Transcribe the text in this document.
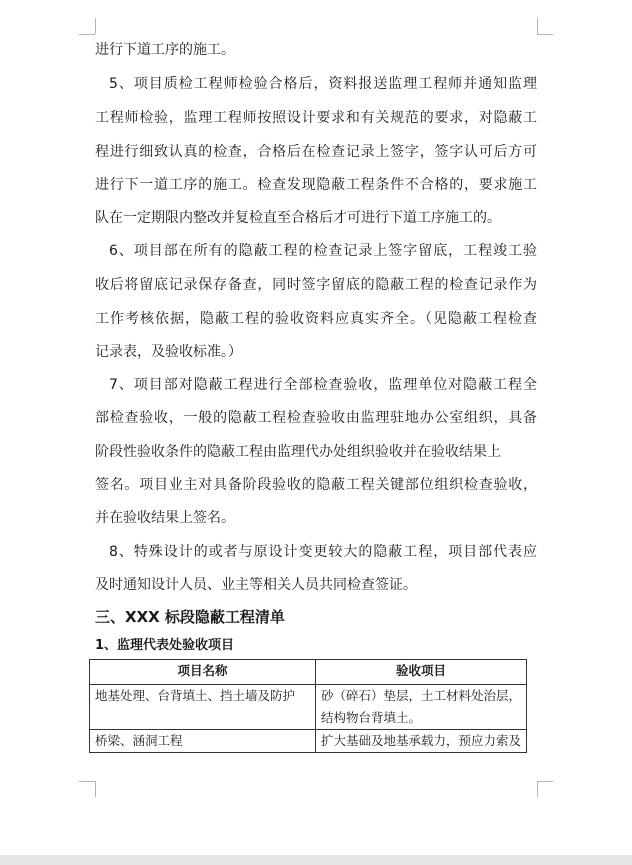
进行下道工序的施工。
5、项目质检工程师检验合格后，资料报送监理工程师并通知监理
工程师检验，监理工程师按照设计要求和有关规范的要求，对隐蔽工
程进行细致认真的检查，合格后在检查记录上签字，签字认可后方可
进行下一道工序的施工。检查发现隐蔽工程条件不合格的，要求施工
队在一定期限内整改并复检直至合格后才可进行下道工序施工的。
6、项目部在所有的隐蔽工程的检查记录上签字留底，工程竣工验
收后将留底记录保存备查，同时签字留底的隐蔽工程的检查记录作为
工作考核依据，隐蔽工程的验收资料应真实齐全。（见隐蔽工程检查
记录表，及验收标准。）
7、项目部对隐蔽工程进行全部检查验收，监理单位对隐蔽工程全
部检查验收，一般的隐蔽工程检查验收由监理驻地办公室组织，具备
阶段性验收条件的隐蔽工程由监理代办处组织验收并在验收结果上
签名。项目业主对具备阶段验收的隐蔽工程关键部位组织检查验收，
并在验收结果上签名。
8、特殊设计的或者与原设计变更较大的隐蔽工程，项目部代表应
及时通知设计人员、业主等相关人员共同检查签证。
三、XXX 标段隐蔽工程清单
1、监理代表处验收项目
项目名称	验收项目
地基处理、台背填土、挡土墙及防护	砂（碎石）垫层，土工材料处治层，
结构物台背填土。

桥梁、涵洞工程	扩大基础及地基承载力，预应力索及
